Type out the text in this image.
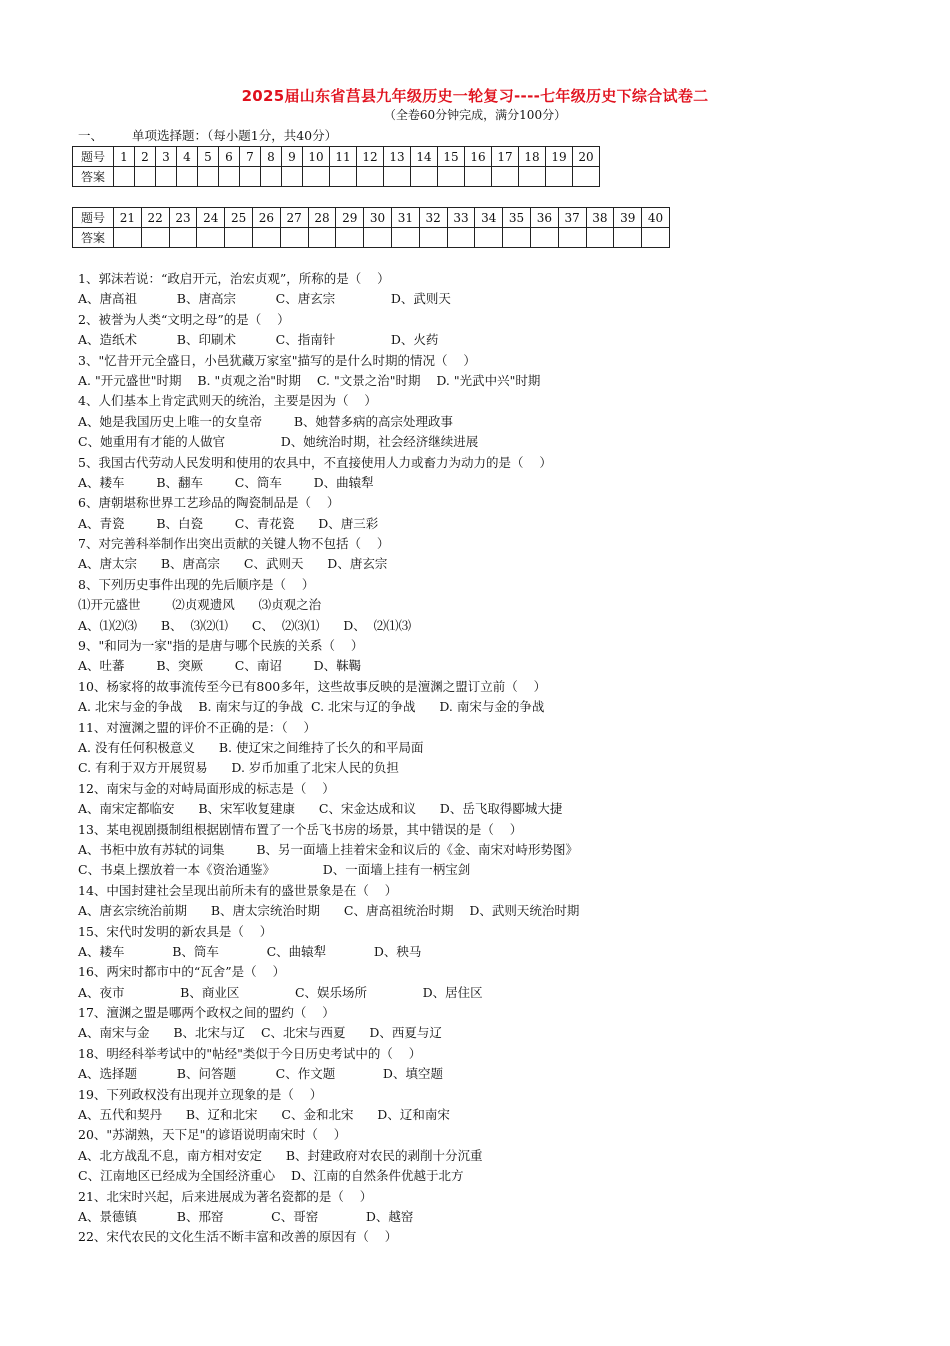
2025届山东省莒县九年级历史一轮复习----七年级历史下综合试卷二
（全卷60分钟完成，满分100分）
一、 单项选择题：（每小题1分，共40分）
题号	1	2	3	4	5	6	7	8	9	10	11	12	13	14	15	16	17	18	19	20
答案																				
题号	21	22	23	24	25	26	27	28	29	30	31	32	33	34	35	36	37	38	39	40
答案																				
1、郭沫若说：“政启开元，治宏贞观”，所称的是（    ）
A、唐高祖          B、唐高宗          C、唐玄宗              D、武则天
2、被誉为人类“文明之母”的是（    ）
A、造纸术          B、印刷术          C、指南针              D、火药
3、"忆昔开元全盛日，小邑犹藏万家室"描写的是什么时期的情况（    ）
A. "开元盛世"时期    B. "贞观之治"时期    C. "文景之治"时期    D. "光武中兴"时期
4、人们基本上肯定武则天的统治，主要是因为（    ）
A、她是我国历史上唯一的女皇帝        B、她替多病的高宗处理政事
C、她重用有才能的人做官              D、她统治时期，社会经济继续进展
5、我国古代劳动人民发明和使用的农具中，不直接使用人力或畜力为动力的是（    ）
A、耧车        B、翻车        C、筒车        D、曲辕犁
6、唐朝堪称世界工艺珍品的陶瓷制品是（    ）
A、青瓷        B、白瓷        C、青花瓷      D、唐三彩
7、对完善科举制作出突出贡献的关键人物不包括（    ）
A、唐太宗      B、唐高宗      C、武则天      D、唐玄宗
8、下列历史事件出现的先后顺序是（    ）
⑴开元盛世        ⑵贞观遗风      ⑶贞观之治
A、⑴⑵⑶      B、  ⑶⑵⑴      C、  ⑵⑶⑴      D、  ⑵⑴⑶
9、"和同为一家"指的是唐与哪个民族的关系（    ）
A、吐蕃        B、突厥        C、南诏        D、靺鞨
10、杨家将的故事流传至今已有800多年，这些故事反映的是澶渊之盟订立前（    ）
A. 北宋与金的争战    B. 南宋与辽的争战  C. 北宋与辽的争战      D. 南宋与金的争战
11、对澶渊之盟的评价不正确的是：（    ）
A. 没有任何积极意义      B. 使辽宋之间维持了长久的和平局面
C. 有利于双方开展贸易      D. 岁币加重了北宋人民的负担
12、南宋与金的对峙局面形成的标志是（    ）
A、南宋定都临安      B、宋军收复建康      C、宋金达成和议      D、岳飞取得郾城大捷
13、某电视剧摄制组根据剧情布置了一个岳飞书房的场景，其中错误的是（    ）
A、书柜中放有苏轼的词集        B、另一面墙上挂着宋金和议后的《金、南宋对峙形势图》
C、书桌上摆放着一本《资治通鉴》            D、一面墙上挂有一柄宝剑
14、中国封建社会呈现出前所未有的盛世景象是在（    ）
A、唐玄宗统治前期      B、唐太宗统治时期      C、唐高祖统治时期    D、武则天统治时期
15、宋代时发明的新农具是（    ）
A、耧车            B、筒车            C、曲辕犁            D、秧马
16、两宋时都市中的“瓦舍”是（    ）
A、夜市              B、商业区              C、娱乐场所              D、居住区
17、澶渊之盟是哪两个政权之间的盟约（    ）
A、南宋与金      B、北宋与辽    C、北宋与西夏      D、西夏与辽
18、明经科举考试中的"帖经"类似于今日历史考试中的（    ）
A、选择题          B、问答题          C、作文题            D、填空题
19、下列政权没有出现并立现象的是（    ）
A、五代和契丹      B、辽和北宋      C、金和北宋      D、辽和南宋
20、"苏湖熟，天下足"的谚语说明南宋时（    ）
A、北方战乱不息，南方相对安定      B、封建政府对农民的剥削十分沉重
C、江南地区已经成为全国经济重心    D、江南的自然条件优越于北方
21、北宋时兴起，后来进展成为著名瓷都的是（    ）
A、景德镇          B、邢窑            C、哥窑            D、越窑
22、宋代农民的文化生活不断丰富和改善的原因有（    ）
